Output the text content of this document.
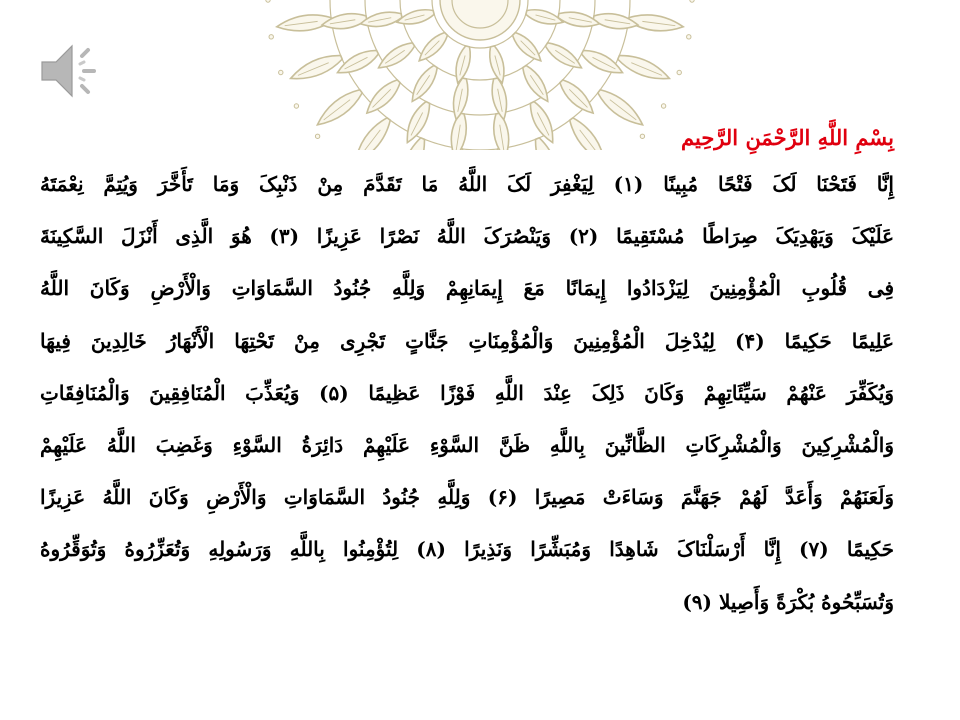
بِسْمِ اللَّهِ الرَّحْمَنِ الرَّحِيم
إِنَّا فَتَحْنَا لَکَ فَتْحًا مُبِينًا (١) لِيَغْفِرَ لَکَ اللَّهُ مَا تَقَدَّمَ مِنْ ذَنْبِکَ وَمَا تَأَخَّرَ وَيُتِمَّ نِعْمَتَهُ
عَلَيْکَ وَيَهْدِيَکَ صِرَاطًا مُسْتَقِيمًا (٢) وَيَنْصُرَکَ اللَّهُ نَصْرًا عَزِيزًا (٣) هُوَ الَّذِى أَنْزَلَ السَّکِينَةَ
فِى قُلُوبِ الْمُؤْمِنِينَ لِيَزْدَادُوا إِيمَانًا مَعَ إِيمَانِهِمْ وَلِلَّهِ جُنُودُ السَّمَاوَاتِ وَالْأَرْضِ وَکَانَ اللَّهُ
عَلِيمًا حَکِيمًا (۴) لِيُدْخِلَ الْمُؤْمِنِينَ وَالْمُؤْمِنَاتِ جَنَّاتٍ تَجْرِى مِنْ تَحْتِهَا الْأَنْهَارُ خَالِدِينَ فِيهَا
وَيُکَفِّرَ عَنْهُمْ سَيِّئَاتِهِمْ وَکَانَ ذَلِکَ عِنْدَ اللَّهِ فَوْزًا عَظِيمًا (۵) وَيُعَذِّبَ الْمُنَافِقِينَ وَالْمُنَافِقَاتِ
وَالْمُشْرِکِينَ وَالْمُشْرِکَاتِ الظَّانِّينَ بِاللَّهِ ظَنَّ السَّوْءِ عَلَيْهِمْ دَائِرَةُ السَّوْءِ وَغَضِبَ اللَّهُ عَلَيْهِمْ
وَلَعَنَهُمْ وَأَعَدَّ لَهُمْ جَهَنَّمَ وَسَاءَتْ مَصِيرًا (۶) وَلِلَّهِ جُنُودُ السَّمَاوَاتِ وَالْأَرْضِ وَکَانَ اللَّهُ عَزِيزًا
حَکِيمًا (٧) إِنَّا أَرْسَلْنَاکَ شَاهِدًا وَمُبَشِّرًا وَنَذِيرًا (٨) لِتُؤْمِنُوا بِاللَّهِ وَرَسُولِهِ وَتُعَزِّرُوهُ وَتُوَقِّرُوهُ
وَتُسَبِّحُوهُ بُکْرَةً وَأَصِيلا (٩)
